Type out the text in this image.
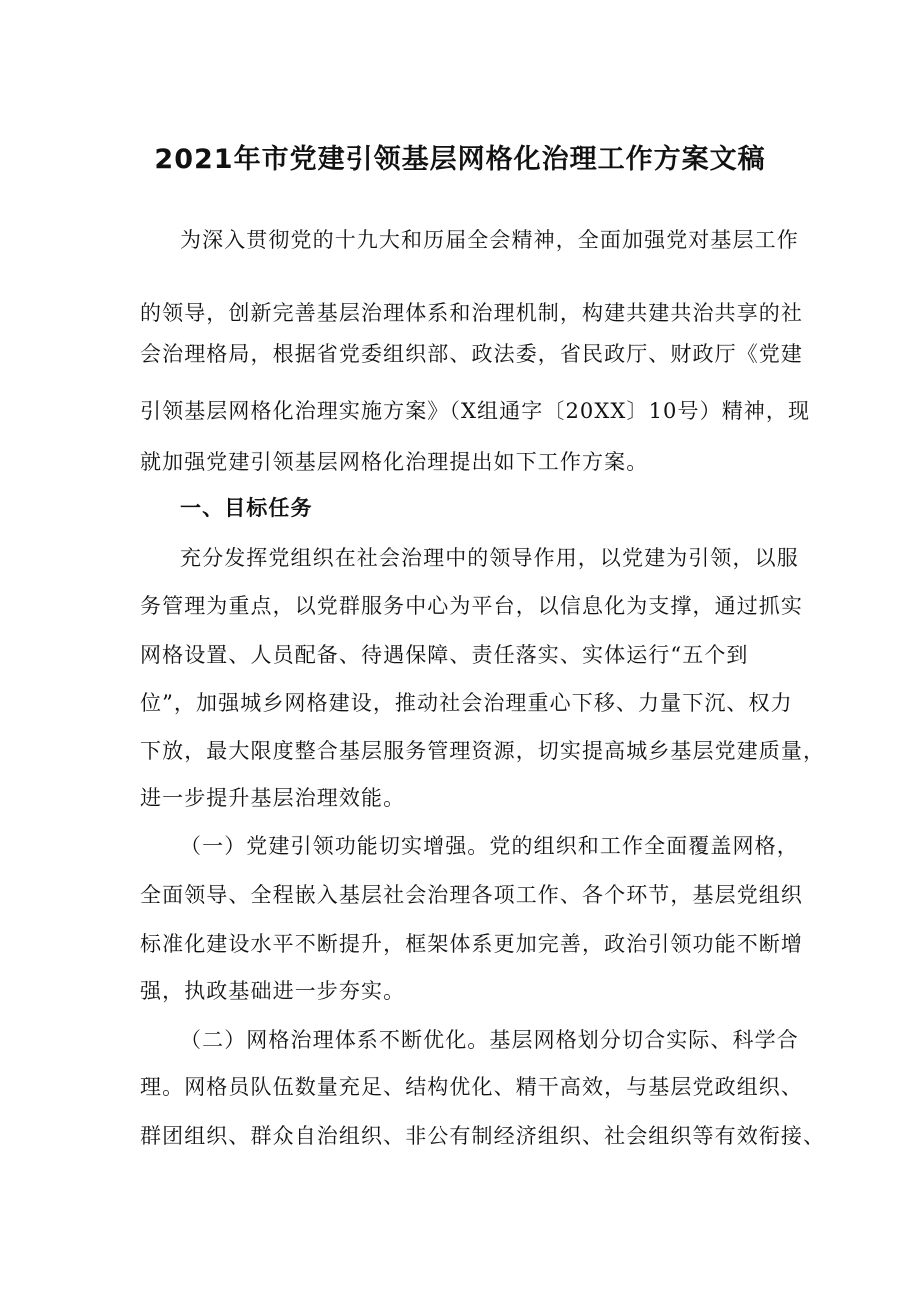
2021年市党建引领基层网格化治理工作方案文稿
为深入贯彻党的十九大和历届全会精神，全面加强党对基层工作
的领导，创新完善基层治理体系和治理机制，构建共建共治共享的社
会治理格局，根据省党委组织部、政法委，省民政厅、财政厅《党建
引领基层网格化治理实施方案》（X组通字〔20XX〕10号）精神，现
就加强党建引领基层网格化治理提出如下工作方案。
一、目标任务
充分发挥党组织在社会治理中的领导作用，以党建为引领，以服
务管理为重点，以党群服务中心为平台，以信息化为支撑，通过抓实
网格设置、人员配备、待遇保障、责任落实、实体运行“五个到
位”，加强城乡网格建设，推动社会治理重心下移、力量下沉、权力
下放，最大限度整合基层服务管理资源，切实提高城乡基层党建质量，
进一步提升基层治理效能。
（一）党建引领功能切实增强。党的组织和工作全面覆盖网格，
全面领导、全程嵌入基层社会治理各项工作、各个环节，基层党组织
标准化建设水平不断提升，框架体系更加完善，政治引领功能不断增
强，执政基础进一步夯实。
（二）网格治理体系不断优化。基层网格划分切合实际、科学合
理。网格员队伍数量充足、结构优化、精干高效，与基层党政组织、
群团组织、群众自治组织、非公有制经济组织、社会组织等有效衔接、
